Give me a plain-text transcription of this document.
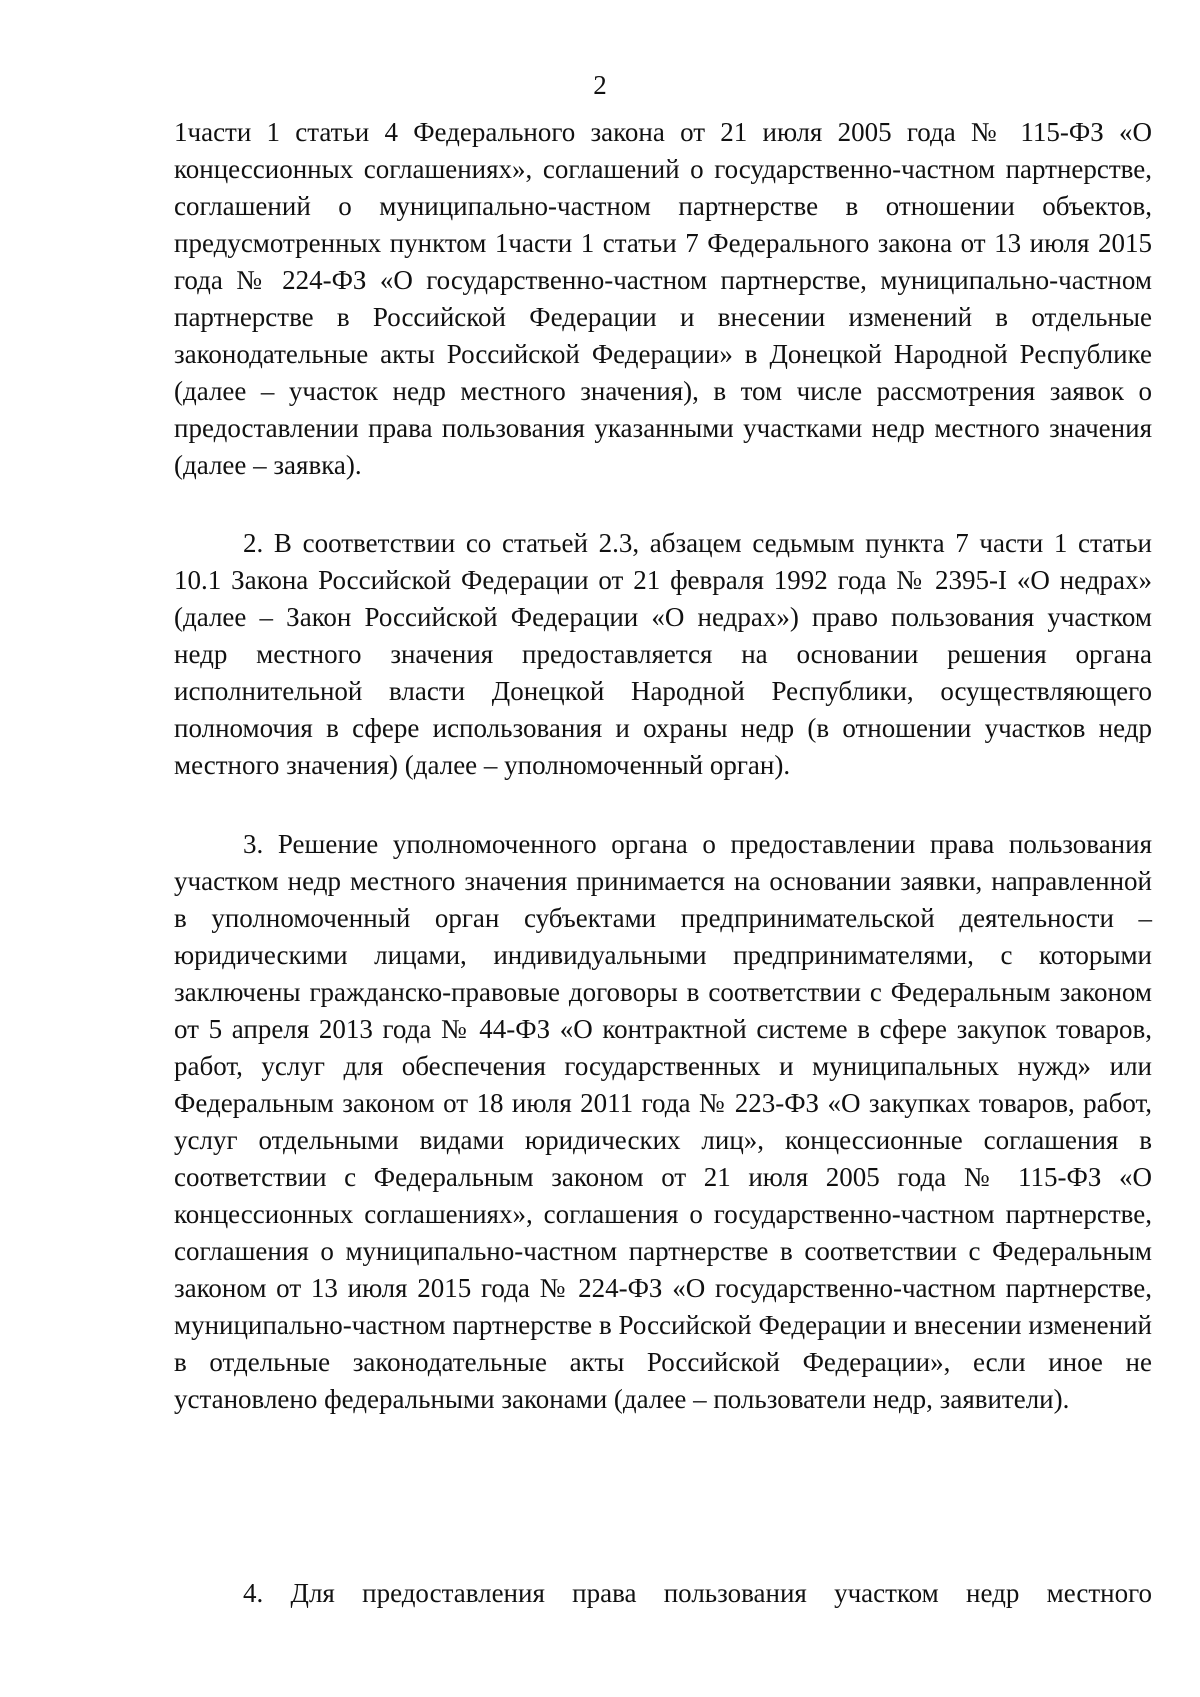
2

1части 1 статьи 4 Федерального закона от 21 июля 2005 года № 115-ФЗ «О концессионных соглашениях», соглашений о государственно-частном партнерстве, соглашений о муниципально-частном партнерстве в отношении объектов, предусмотренных пунктом 1части 1 статьи 7 Федерального закона от 13 июля 2015 года № 224-ФЗ «О государственно-частном партнерстве, муниципально-частном партнерстве в Российской Федерации и внесении изменений в отдельные законодательные акты Российской Федерации» в Донецкой Народной Республике (далее – участок недр местного значения), в том числе рассмотрения заявок о предоставлении права пользования указанными участками недр местного значения (далее – заявка).

2. В соответствии со статьей 2.3, абзацем седьмым пункта 7 части 1 статьи 10.1 Закона Российской Федерации от 21 февраля 1992 года № 2395-I «О недрах» (далее – Закон Российской Федерации «О недрах») право пользования участком недр местного значения предоставляется на основании решения органа исполнительной власти Донецкой Народной Республики, осуществляющего полномочия в сфере использования и охраны недр (в отношении участков недр местного значения) (далее – уполномоченный орган).

3. Решение уполномоченного органа о предоставлении права пользования участком недр местного значения принимается на основании заявки, направленной в уполномоченный орган субъектами предпринимательской деятельности – юридическими лицами, индивидуальными предпринимателями, с которыми заключены гражданско-правовые договоры в соответствии с Федеральным законом от 5 апреля 2013 года № 44-ФЗ «О контрактной системе в сфере закупок товаров, работ, услуг для обеспечения государственных и муниципальных нужд» или Федеральным законом от 18 июля 2011 года № 223-ФЗ «О закупках товаров, работ, услуг отдельными видами юридических лиц», концессионные соглашения в соответствии с Федеральным законом от 21 июля 2005 года № 115-ФЗ «О концессионных соглашениях», соглашения о государственно-частном партнерстве, соглашения о муниципально-частном партнерстве в соответствии с Федеральным законом от 13 июля 2015 года № 224-ФЗ «О государственно-частном партнерстве, муниципально-частном партнерстве в Российской Федерации и внесении изменений в отдельные законодательные акты Российской Федерации», если иное не установлено федеральными законами (далее – пользователи недр, заявители).

4. Для предоставления права пользования участком недр местного
